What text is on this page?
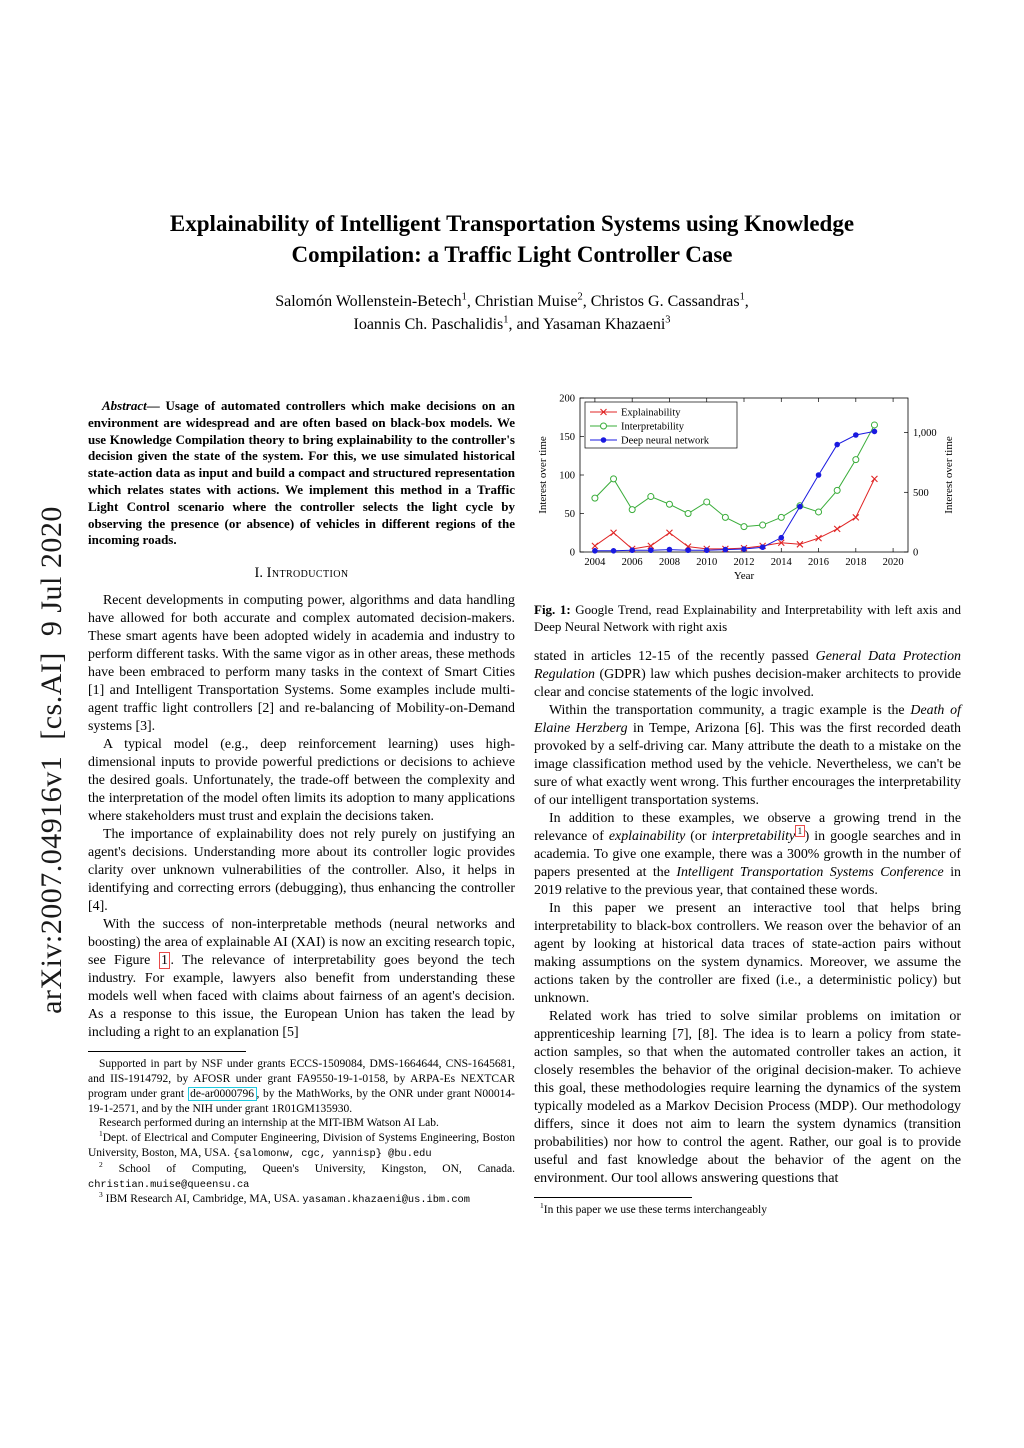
arXiv:2007.04916v1  [cs.AI]  9 Jul 2020
Explainability of Intelligent Transportation Systems using Knowledge
Compilation: a Traffic Light Controller Case
Salomón Wollenstein-Betech$^1$, Christian Muise$^2$, Christos G. Cassandras$^1$,
Ioannis Ch. Paschalidis$^1$, and Yasaman Khazaeni$^3$

Abstract— Usage of automated controllers which make decisions on an environment are widespread and are often based on black-box models. We use Knowledge Compilation theory to bring explainability to the controller's decision given the state of the system. For this, we use simulated historical state-action data as input and build a compact and structured representation which relates states with actions. We implement this method in a Traffic Light Control scenario where the controller selects the light cycle by observing the presence (or absence) of vehicles in different regions of the incoming roads.

I. Introduction

Recent developments in computing power, algorithms and data handling have allowed for both accurate and complex automated decision-makers. These smart agents have been adopted widely in academia and industry to perform different tasks. With the same vigor as in other areas, these methods have been embraced to perform many tasks in the context of Smart Cities [1] and Intelligent Transportation Systems. Some examples include multi-agent traffic light controllers [2] and re-balancing of Mobility-on-Demand systems [3].

A typical model (e.g., deep reinforcement learning) uses high-dimensional inputs to provide powerful predictions or decisions to achieve the desired goals. Unfortunately, the trade-off between the complexity and the interpretation of the model often limits its adoption to many applications where stakeholders must trust and explain the decisions taken.

The importance of explainability does not rely purely on justifying an agent's decisions. Understanding more about its controller logic provides clarity over unknown vulnerabilities of the controller. Also, it helps in identifying and correcting errors (debugging), thus enhancing the controller [4].

With the success of non-interpretable methods (neural networks and boosting) the area of explainable AI (XAI) is now an exciting research topic, see Figure 1 . The relevance of interpretability goes beyond the tech industry. For example, lawyers also benefit from understanding these models well when faced with claims about fairness of an agent's decision. As a response to this issue, the European Union has taken the lead by including a right to an explanation [5]

Supported in part by NSF under grants ECCS-1509084, DMS-1664644, CNS-1645681, and IIS-1914792, by AFOSR under grant FA9550-19-1-0158, by ARPA-Es NEXTCAR program under grant de-ar0000796 , by the MathWorks, by the ONR under grant N00014-19-1-2571, and by the NIH under grant 1R01GM135930.

Research performed during an internship at the MIT-IBM Watson AI Lab.

$^1$Dept. of Electrical and Computer Engineering, Division of Systems Engineering, Boston University, Boston, MA, USA. {salomonw, cgc, yannisp} @bu.edu

$^2$ School of Computing, Queen's University, Kingston, ON, Canada. christian.muise@queensu.ca

$^3$ IBM Research AI, Cambridge, MA, USA. yasaman.khazaeni@us.ibm.com

2004 2006 2008 2010 2012 2014 2016 2018 2020
0
50
100
150
200
0
500
1,000
Year
Interest over time	Interest over time
Explainability
Interpretability
Deep neural network
Fig. 1: Google Trend, read Explainability and Interpretability with left axis and Deep Neural Network with right axis

stated in articles 12-15 of the recently passed General Data Protection Regulation (GDPR) law which pushes decision-maker architects to provide clear and concise statements of the logic involved.

Within the transportation community, a tragic example is the Death of Elaine Herzberg in Tempe, Arizona [6]. This was the first recorded death provoked by a self-driving car. Many attribute the death to a mistake on the image classification method used by the vehicle. Nevertheless, we can't be sure of what exactly went wrong. This further encourages the interpretability of our intelligent transportation systems.

In addition to these examples, we observe a growing trend in the relevance of explainability (or interpretability $^1$ ) in google searches and in academia. To give one example, there was a 300% growth in the number of papers presented at the Intelligent Transportation Systems Conference in 2019 relative to the previous year, that contained these words.

In this paper we present an interactive tool that helps bring interpretability to black-box controllers. We reason over the behavior of an agent by looking at historical data traces of state-action pairs without making assumptions on the system dynamics. Moreover, we assume the actions taken by the controller are fixed (i.e., a deterministic policy) but unknown.

Related work has tried to solve similar problems on imitation or apprenticeship learning [7], [8]. The idea is to learn a policy from state-action samples, so that when the automated controller takes an action, it closely resembles the behavior of the original decision-maker. To achieve this goal, these methodologies require learning the dynamics of the system typically modeled as a Markov Decision Process (MDP). Our methodology differs, since it does not aim to learn the system dynamics (transition probabilities) nor how to control the agent. Rather, our goal is to provide useful and fast knowledge about the behavior of the agent on the environment. Our tool allows answering questions that

$^1$In this paper we use these terms interchangeably
